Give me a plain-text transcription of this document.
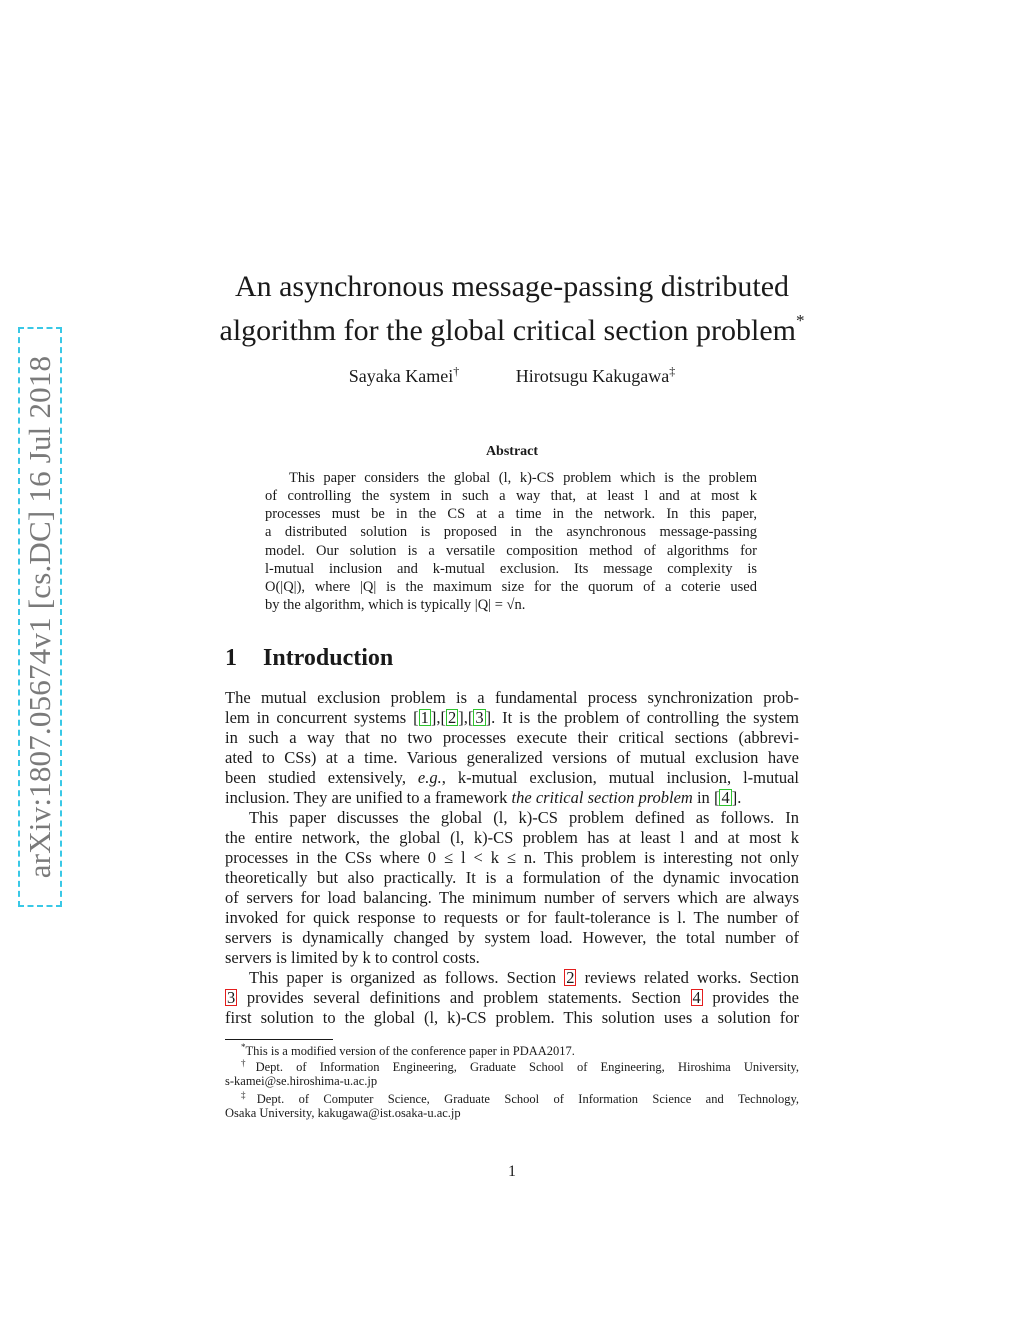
arXiv:1807.05674v1 [cs.DC] 16 Jul 2018
An asynchronous message-passing distributed
algorithm for the global critical section problem*
Sayaka Kamei†	Hirotsugu Kakugawa‡
Abstract
This paper considers the global (l, k)-CS problem which is the problem
of controlling the system in such a way that, at least l and at most k
processes must be in the CS at a time in the network. In this paper,
a distributed solution is proposed in the asynchronous message-passing
model. Our solution is a versatile composition method of algorithms for
l-mutual inclusion and k-mutual exclusion. Its message complexity is
O(|Q|), where |Q| is the maximum size for the quorum of a coterie used
by the algorithm, which is typically |Q| = √n.
1 Introduction
The mutual exclusion problem is a fundamental process synchronization prob-
lem in concurrent systems [ 1 ],[ 2 ],[ 3 ]. It is the problem of controlling the system
in such a way that no two processes execute their critical sections (abbrevi-
ated to CSs) at a time. Various generalized versions of mutual exclusion have
been studied extensively, e.g., k-mutual exclusion, mutual inclusion, l-mutual
inclusion. They are unified to a framework the critical section problem in [ 4 ].
This paper discusses the global (l, k)-CS problem defined as follows. In
the entire network, the global (l, k)-CS problem has at least l and at most k
processes in the CSs where 0 ≤ l < k ≤ n. This problem is interesting not only
theoretically but also practically. It is a formulation of the dynamic invocation
of servers for load balancing. The minimum number of servers which are always
invoked for quick response to requests or for fault-tolerance is l. The number of
servers is dynamically changed by system load. However, the total number of
servers is limited by k to control costs.
This paper is organized as follows. Section 2 reviews related works. Section
3 provides several definitions and problem statements. Section 4 provides the
first solution to the global (l, k)-CS problem. This solution uses a solution for
*This is a modified version of the conference paper in PDAA2017.
†Dept. of Information Engineering, Graduate School of Engineering, Hiroshima University,
s-kamei@se.hiroshima-u.ac.jp
‡Dept. of Computer Science, Graduate School of Information Science and Technology,
Osaka University, kakugawa@ist.osaka-u.ac.jp
1
